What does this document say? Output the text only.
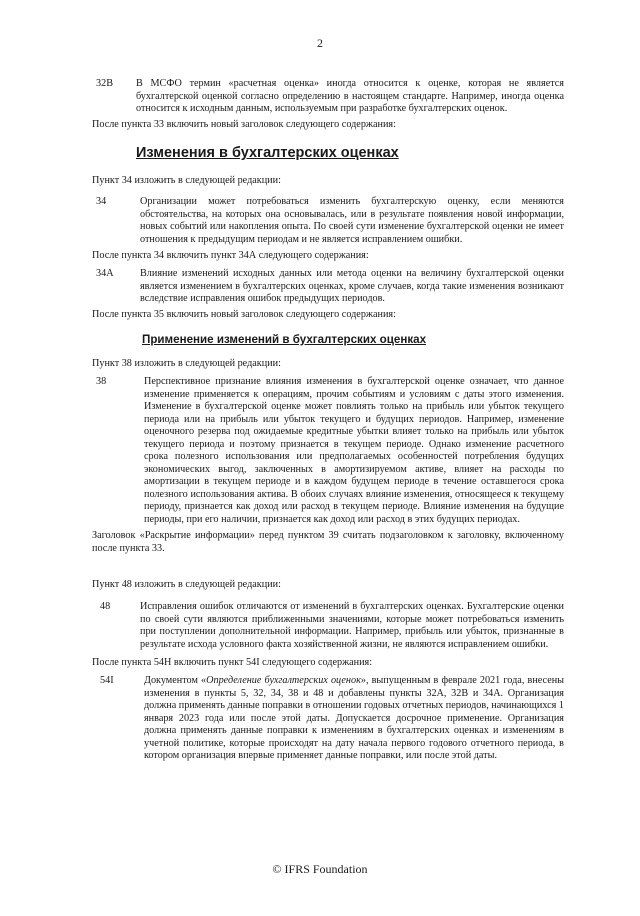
2
32B В МСФО термин «расчетная оценка» иногда относится к оценке, которая не является бухгалтерской оценкой согласно определению в настоящем стандарте. Например, иногда оценка относится к исходным данным, используемым при разработке бухгалтерских оценок.
После пункта 33 включить новый заголовок следующего содержания:
Изменения в бухгалтерских оценках
Пункт 34 изложить в следующей редакции:
34	Организации может потребоваться изменить бухгалтерскую оценку, если меняются обстоятельства, на которых она основывалась, или в результате появления новой информации, новых событий или накопления опыта. По своей сути изменение бухгалтерской оценки не имеет отношения к предыдущим периодам и не является исправлением ошибки.
После пункта 34 включить пункт 34А следующего содержания:
34А	Влияние изменений исходных данных или метода оценки на величину бухгалтерской оценки является изменением в бухгалтерских оценках, кроме случаев, когда такие изменения возникают вследствие исправления ошибок предыдущих периодов.
После пункта 35 включить новый заголовок следующего содержания:
Применение изменений в бухгалтерских оценках
Пункт 38 изложить в следующей редакции:
38	Перспективное признание влияния изменения в бухгалтерской оценке означает, что данное изменение применяется к операциям, прочим событиям и условиям с даты этого изменения. Изменение в бухгалтерской оценке может повлиять только на прибыль или убыток текущего периода или на прибыль или убыток текущего и будущих периодов. Например, изменение оценочного резерва под ожидаемые кредитные убытки влияет только на прибыль или убыток текущего периода и поэтому признается в текущем периоде. Однако изменение расчетного срока полезного использования или предполагаемых особенностей потребления будущих экономических выгод, заключенных в амортизируемом активе, влияет на расходы по амортизации в текущем периоде и в каждом будущем периоде в течение оставшегося срока полезного использования актива. В обоих случаях влияние изменения, относящееся к текущему периоду, признается как доход или расход в текущем периоде. Влияние изменения на будущие периоды, при его наличии, признается как доход или расход в этих будущих периодах.
Заголовок «Раскрытие информации» перед пунктом 39 считать подзаголовком к заголовку, включенному после пункта 33.
Пункт 48 изложить в следующей редакции:
48	Исправления ошибок отличаются от изменений в бухгалтерских оценках. Бухгалтерские оценки по своей сути являются приближенными значениями, которые может потребоваться изменить при поступлении дополнительной информации. Например, прибыль или убыток, признанные в результате исхода условного факта хозяйственной жизни, не являются исправлением ошибки.
После пункта 54Н включить пункт 54I следующего содержания:
54I	Документом «Определение бухгалтерских оценок», выпущенным в феврале 2021 года, внесены изменения в пункты 5, 32, 34, 38 и 48 и добавлены пункты 32А, 32В и 34А. Организация должна применять данные поправки в отношении годовых отчетных периодов, начинающихся 1 января 2023 года или после этой даты. Допускается досрочное применение. Организация должна применять данные поправки к изменениям в бухгалтерских оценках и изменениям в учетной политике, которые происходят на дату начала первого годового отчетного периода, в котором организация впервые применяет данные поправки, или после этой даты.
© IFRS Foundation
